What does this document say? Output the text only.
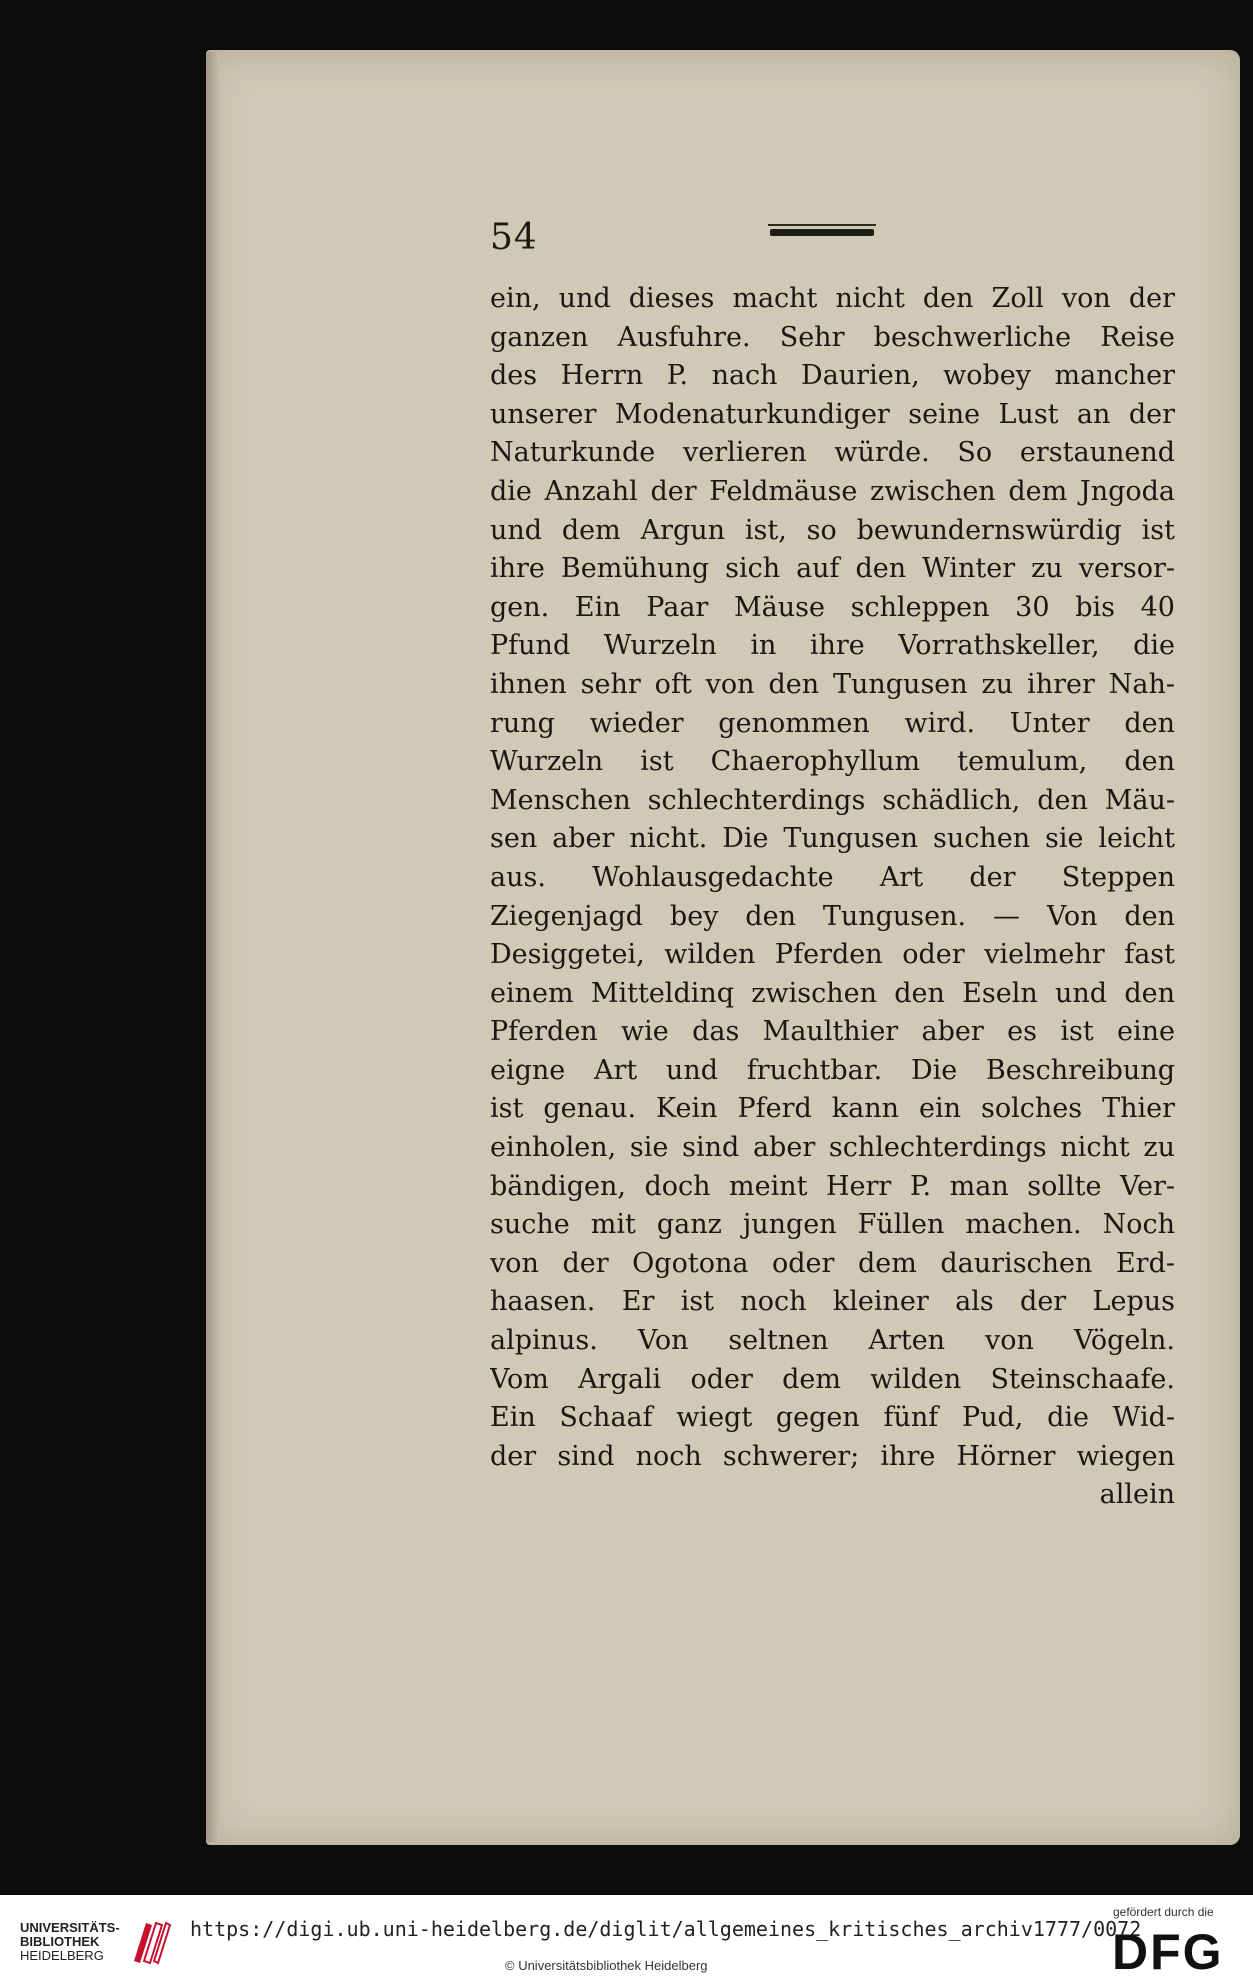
54
ein, und dieses macht nicht den Zoll von der
ganzen Ausfuhre. Sehr beschwerliche Reise
des Herrn P. nach Daurien, wobey mancher
unserer Modenaturkundiger seine Lust an der
Naturkunde verlieren würde. So erstaunend
die Anzahl der Feldmäuse zwischen dem Jngoda
und dem Argun ist, so bewundernswürdig ist
ihre Bemühung sich auf den Winter zu versor-
gen. Ein Paar Mäuse schleppen 30 bis 40
Pfund Wurzeln in ihre Vorrathskeller, die
ihnen sehr oft von den Tungusen zu ihrer Nah-
rung wieder genommen wird. Unter den
Wurzeln ist Chaerophyllum temulum, den
Menschen schlechterdings schädlich, den Mäu-
sen aber nicht. Die Tungusen suchen sie leicht
aus. Wohlausgedachte Art der Steppen
Ziegenjagd bey den Tungusen. — Von den
Desiggetei, wilden Pferden oder vielmehr fast
einem Mitteldinq zwischen den Eseln und den
Pferden wie das Maulthier aber es ist eine
eigne Art und fruchtbar. Die Beschreibung
ist genau. Kein Pferd kann ein solches Thier
einholen, sie sind aber schlechterdings nicht zu
bändigen, doch meint Herr P. man sollte Ver-
suche mit ganz jungen Füllen machen. Noch
von der Ogotona oder dem daurischen Erd-
haasen. Er ist noch kleiner als der Lepus
alpinus. Von seltnen Arten von Vögeln.
Vom Argali oder dem wilden Steinschaafe.
Ein Schaaf wiegt gegen fünf Pud, die Wid-
der sind noch schwerer; ihre Hörner wiegen
allein
UNIVERSITÄTS-
BIBLIOTHEK
HEIDELBERG
https://digi.ub.uni-heidelberg.de/diglit/allgemeines_kritisches_archiv1777/0072
© Universitätsbibliothek Heidelberg
gefördert durch die
DFG
